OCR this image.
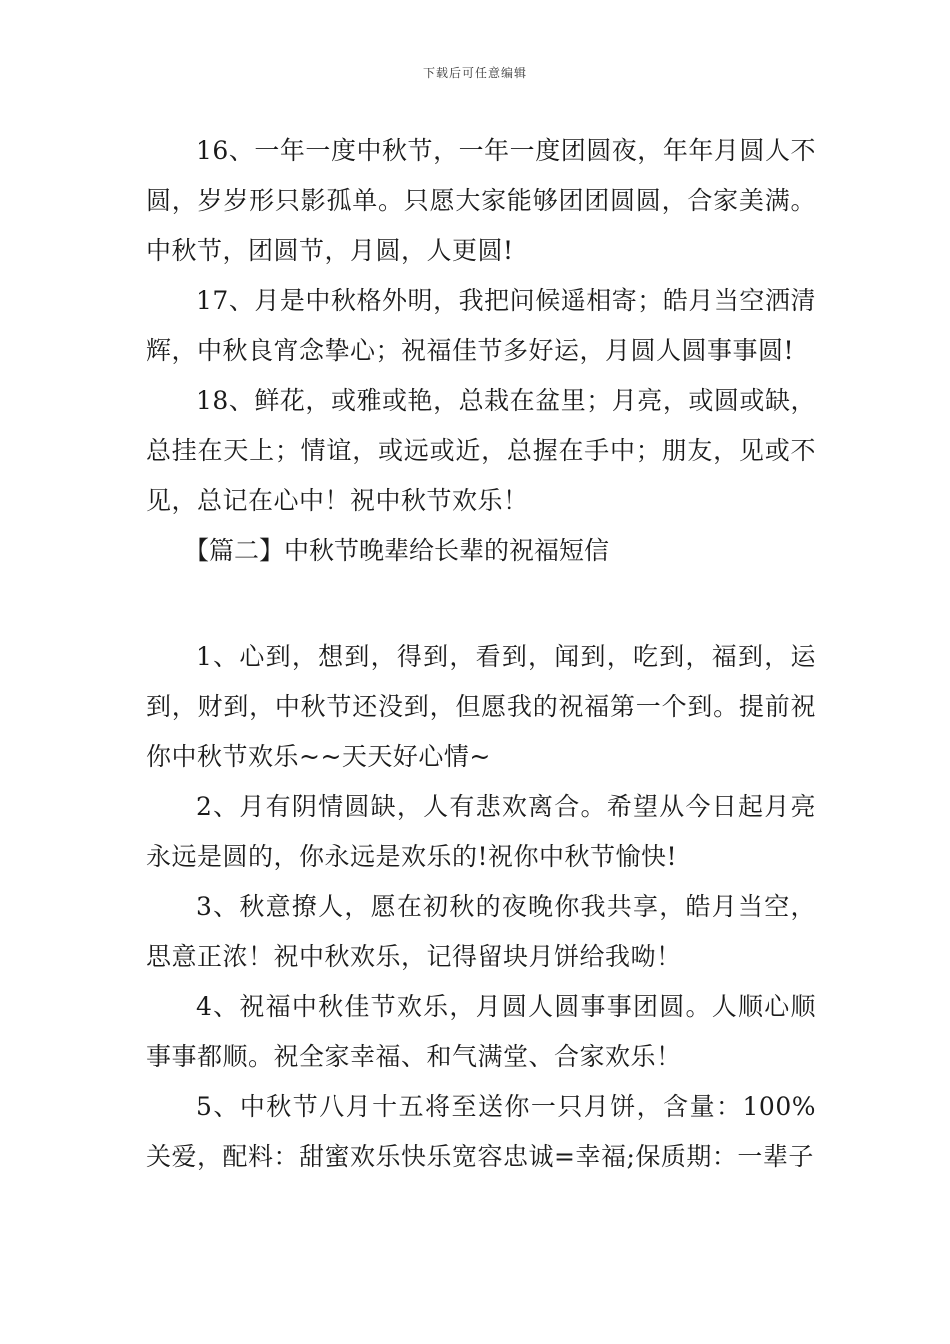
下载后可任意编辑

16、一年一度中秋节，一年一度团圆夜，年年月圆人不圆，岁岁形只影孤单。只愿大家能够团团圆圆，合家美满。中秋节，团圆节，月圆，人更圆!

17、月是中秋格外明，我把问候遥相寄；皓月当空洒清辉，中秋良宵念挚心；祝福佳节多好运，月圆人圆事事圆!

18、鲜花，或雅或艳，总栽在盆里；月亮，或圆或缺，总挂在天上；情谊，或远或近，总握在手中；朋友，见或不见，总记在心中！祝中秋节欢乐！

【篇二】中秋节晚辈给长辈的祝福短信

1、心到，想到，得到，看到，闻到，吃到，福到，运到，财到，中秋节还没到，但愿我的祝福第一个到。提前祝你中秋节欢乐~~天天好心情~

2、月有阴情圆缺，人有悲欢离合。希望从今日起月亮永远是圆的，你永远是欢乐的!祝你中秋节愉快!

3、秋意撩人，愿在初秋的夜晚你我共享，皓月当空，思意正浓！祝中秋欢乐，记得留块月饼给我呦！

4、祝福中秋佳节欢乐，月圆人圆事事团圆。人顺心顺事事都顺。祝全家幸福、和气满堂、合家欢乐！

5、中秋节八月十五将至送你一只月饼，含量：100%关爱，配料：甜蜜欢乐快乐宽容忠诚=幸福;保质期：一辈子
